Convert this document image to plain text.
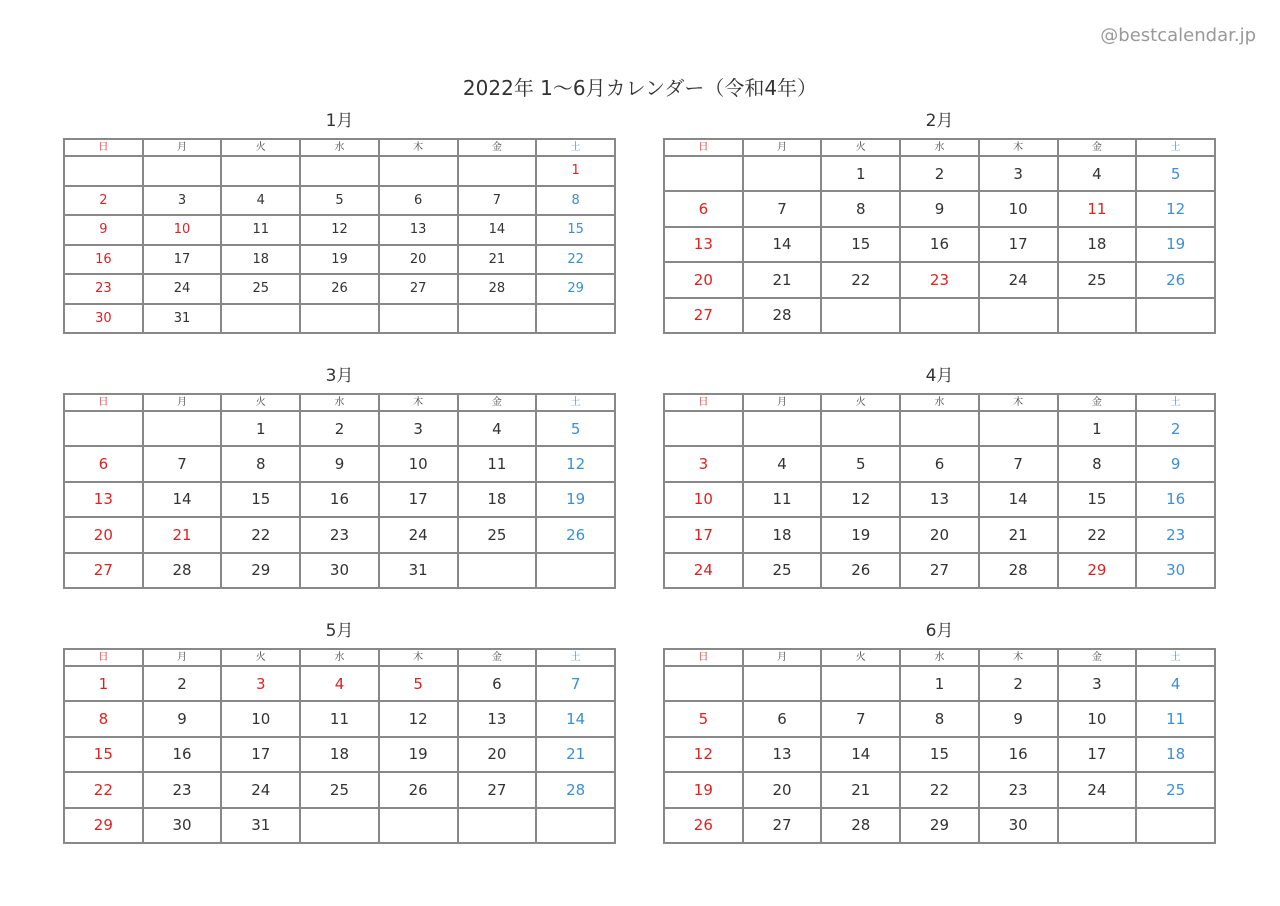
@bestcalendar.jp
2022年 1〜6月カレンダー（令和4年）
1月
日	月	火	水	木	金	土
						1
2	3	4	5	6	7	8
9	10	11	12	13	14	15
16	17	18	19	20	21	22
23	24	25	26	27	28	29
30	31					
2月
日	月	火	水	木	金	土
		1	2	3	4	5
6	7	8	9	10	11	12
13	14	15	16	17	18	19
20	21	22	23	24	25	26
27	28					
3月
日	月	火	水	木	金	土
		1	2	3	4	5
6	7	8	9	10	11	12
13	14	15	16	17	18	19
20	21	22	23	24	25	26
27	28	29	30	31		
4月
日	月	火	水	木	金	土
					1	2
3	4	5	6	7	8	9
10	11	12	13	14	15	16
17	18	19	20	21	22	23
24	25	26	27	28	29	30
5月
日	月	火	水	木	金	土
1	2	3	4	5	6	7
8	9	10	11	12	13	14
15	16	17	18	19	20	21
22	23	24	25	26	27	28
29	30	31				
6月
日	月	火	水	木	金	土
			1	2	3	4
5	6	7	8	9	10	11
12	13	14	15	16	17	18
19	20	21	22	23	24	25
26	27	28	29	30		
